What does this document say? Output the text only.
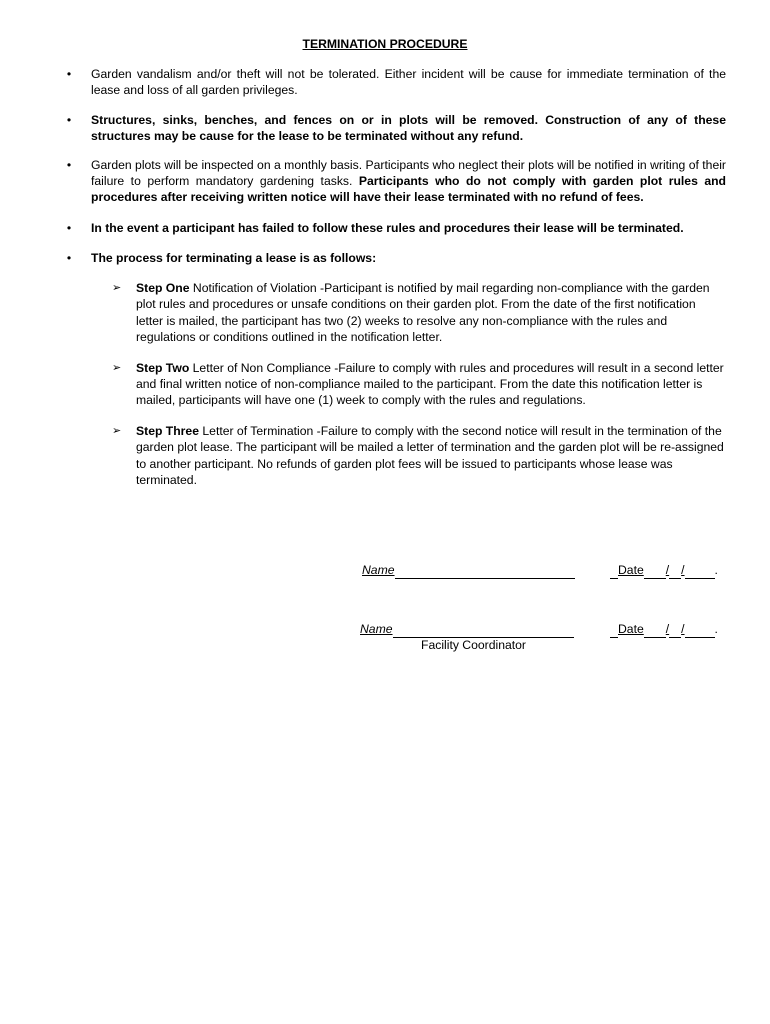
TERMINATION PROCEDURE
• Garden vandalism and/or theft will not be tolerated. Either incident will be cause for immediate termination of the lease and loss of all garden privileges.
• Structures, sinks, benches, and fences on or in plots will be removed. Construction of any of these structures may be cause for the lease to be terminated without any refund.
• Garden plots will be inspected on a monthly basis. Participants who neglect their plots will be notified in writing of their failure to perform mandatory gardening tasks. Participants who do not comply with garden plot rules and procedures after receiving written notice will have their lease terminated with no refund of fees.
• In the event a participant has failed to follow these rules and procedures their lease will be terminated.
• The process for terminating a lease is as follows:
➢	Step One Notification of Violation -Participant is notified by mail regarding non-compliance with the garden plot rules and procedures or unsafe conditions on their garden plot. From the date of the first notification letter is mailed, the participant has two (2) weeks to resolve any non-compliance with the rules and regulations or conditions outlined in the notification letter.
➢	Step Two Letter of Non Compliance -Failure to comply with rules and procedures will result in a second letter and final written notice of non-compliance mailed to the participant. From the date this notification letter is mailed, participants will have one (1) week to comply with the rules and regulations.
➢	Step Three Letter of Termination -Failure to comply with the second notice will result in the termination of the garden plot lease. The participant will be mailed a letter of termination and the garden plot will be re-assigned to another participant. No refunds of garden plot fees will be issued to participants whose lease was terminated.
Name	Date / / .
Name	Date / / .
Facility Coordinator
